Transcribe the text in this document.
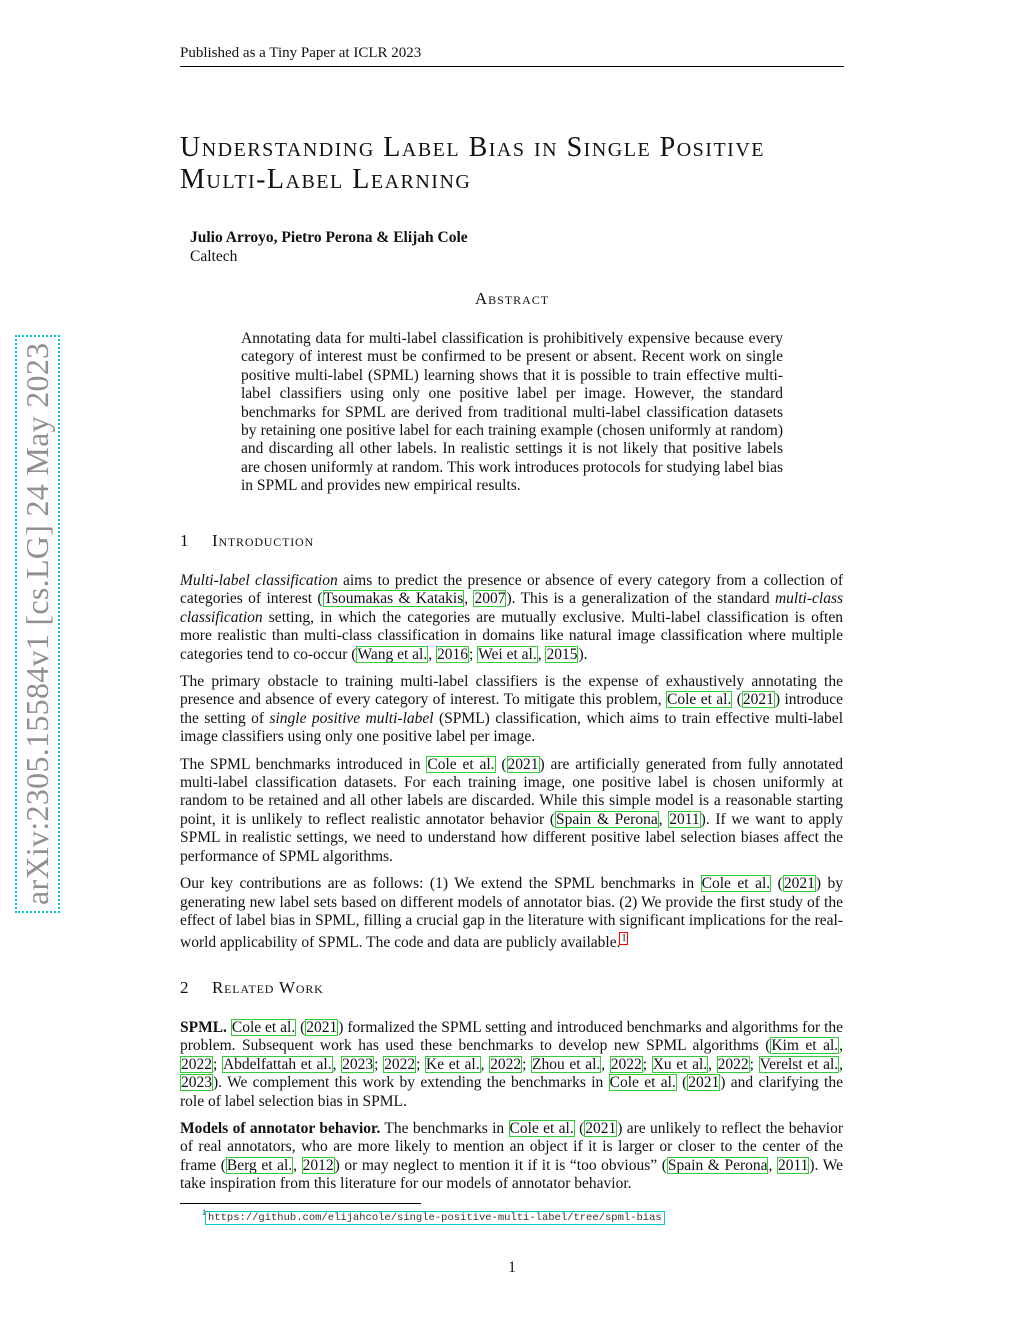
Published as a Tiny Paper at ICLR 2023
Understanding Label Bias in Single Positive
Multi-Label Learning
Julio Arroyo, Pietro Perona & Elijah Cole
Caltech
Abstract
Annotating data for multi-label classification is prohibitively expensive because every category of interest must be confirmed to be present or absent. Recent work on single positive multi-label (SPML) learning shows that it is possible to train effective multi-label classifiers using only one positive label per image. However, the standard benchmarks for SPML are derived from traditional multi-label classification datasets by retaining one positive label for each training example (chosen uniformly at random) and discarding all other labels. In realistic settings it is not likely that positive labels are chosen uniformly at random. This work introduces protocols for studying label bias in SPML and provides new empirical results.
1 Introduction

Multi-label classification aims to predict the presence or absence of every category from a collection of categories of interest (Tsoumakas & Katakis, 2007). This is a generalization of the standard multi-class classification setting, in which the categories are mutually exclusive. Multi-label classification is often more realistic than multi-class classification in domains like natural image classification where multiple categories tend to co-occur (Wang et al., 2016; Wei et al., 2015).

The primary obstacle to training multi-label classifiers is the expense of exhaustively annotating the presence and absence of every category of interest. To mitigate this problem, Cole et al. (2021) introduce the setting of single positive multi-label (SPML) classification, which aims to train effective multi-label image classifiers using only one positive label per image.

The SPML benchmarks introduced in Cole et al. (2021) are artificially generated from fully annotated multi-label classification datasets. For each training image, one positive label is chosen uniformly at random to be retained and all other labels are discarded. While this simple model is a reasonable starting point, it is unlikely to reflect realistic annotator behavior (Spain & Perona, 2011). If we want to apply SPML in realistic settings, we need to understand how different positive label selection biases affect the performance of SPML algorithms.

Our key contributions are as follows: (1) We extend the SPML benchmarks in Cole et al. (2021) by generating new label sets based on different models of annotator bias. (2) We provide the first study of the effect of label bias in SPML, filling a crucial gap in the literature with significant implications for the real-world applicability of SPML. The code and data are publicly available.$^1$

2 Related Work

SPML. Cole et al. (2021) formalized the SPML setting and introduced benchmarks and algorithms for the problem. Subsequent work has used these benchmarks to develop new SPML algorithms (Kim et al., 2022; Abdelfattah et al., 2023; 2022; Ke et al., 2022; Zhou et al., 2022; Xu et al., 2022; Verelst et al., 2023). We complement this work by extending the benchmarks in Cole et al. (2021) and clarifying the role of label selection bias in SPML.

Models of annotator behavior. The benchmarks in Cole et al. (2021) are unlikely to reflect the behavior of real annotators, who are more likely to mention an object if it is larger or closer to the center of the frame (Berg et al., 2012) or may neglect to mention it if it is “too obvious” (Spain & Perona, 2011). We take inspiration from this literature for our models of annotator behavior.

$^1$ https://github.com/elijahcole/single-positive-multi-label/tree/spml-bias
1
arXiv:2305.15584v1 [cs.LG] 24 May 2023
